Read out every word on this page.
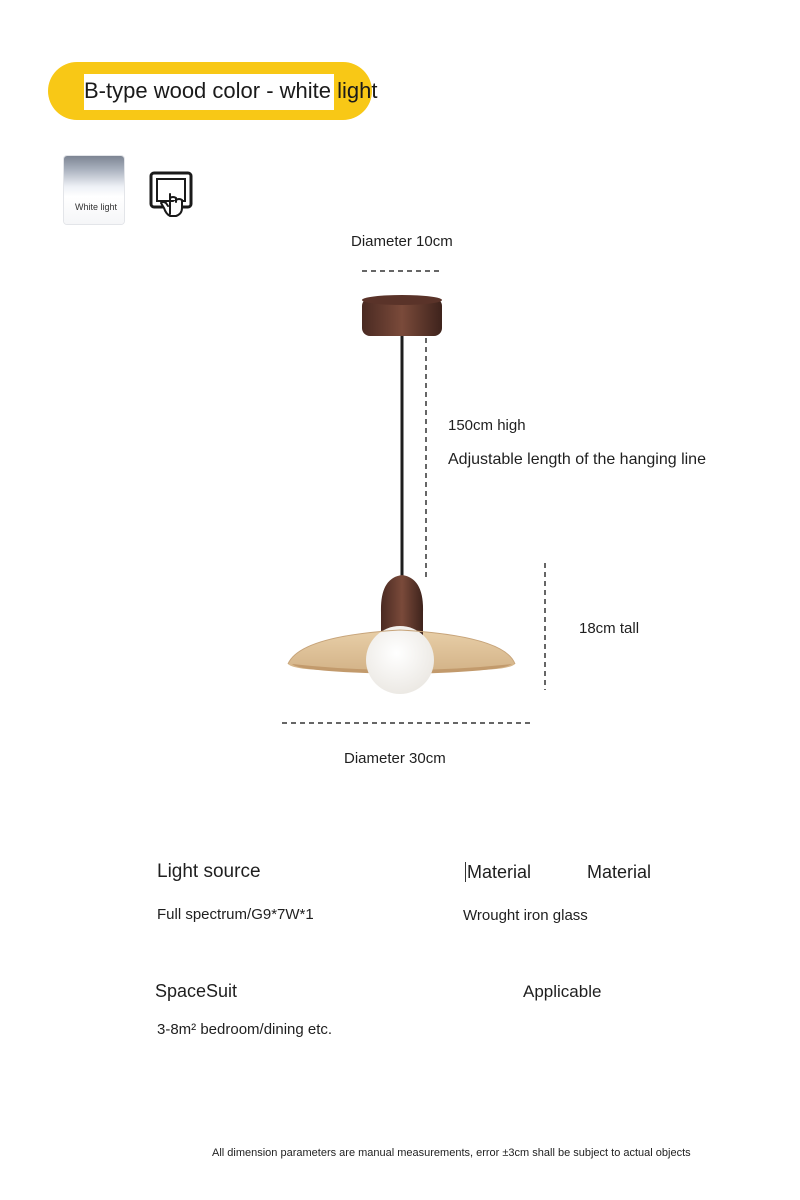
B-type wood color - white light
White light
Diameter 10cm
150cm high
Adjustable length of the hanging line
18cm tall
Diameter 30cm
Light source
Full spectrum/G9*7W*1
Material	Material
Wrought iron glass
SpaceSuit
3-8m² bedroom/dining etc.
Applicable
All dimension parameters are manual measurements, error ±3cm shall be subject to actual objects
